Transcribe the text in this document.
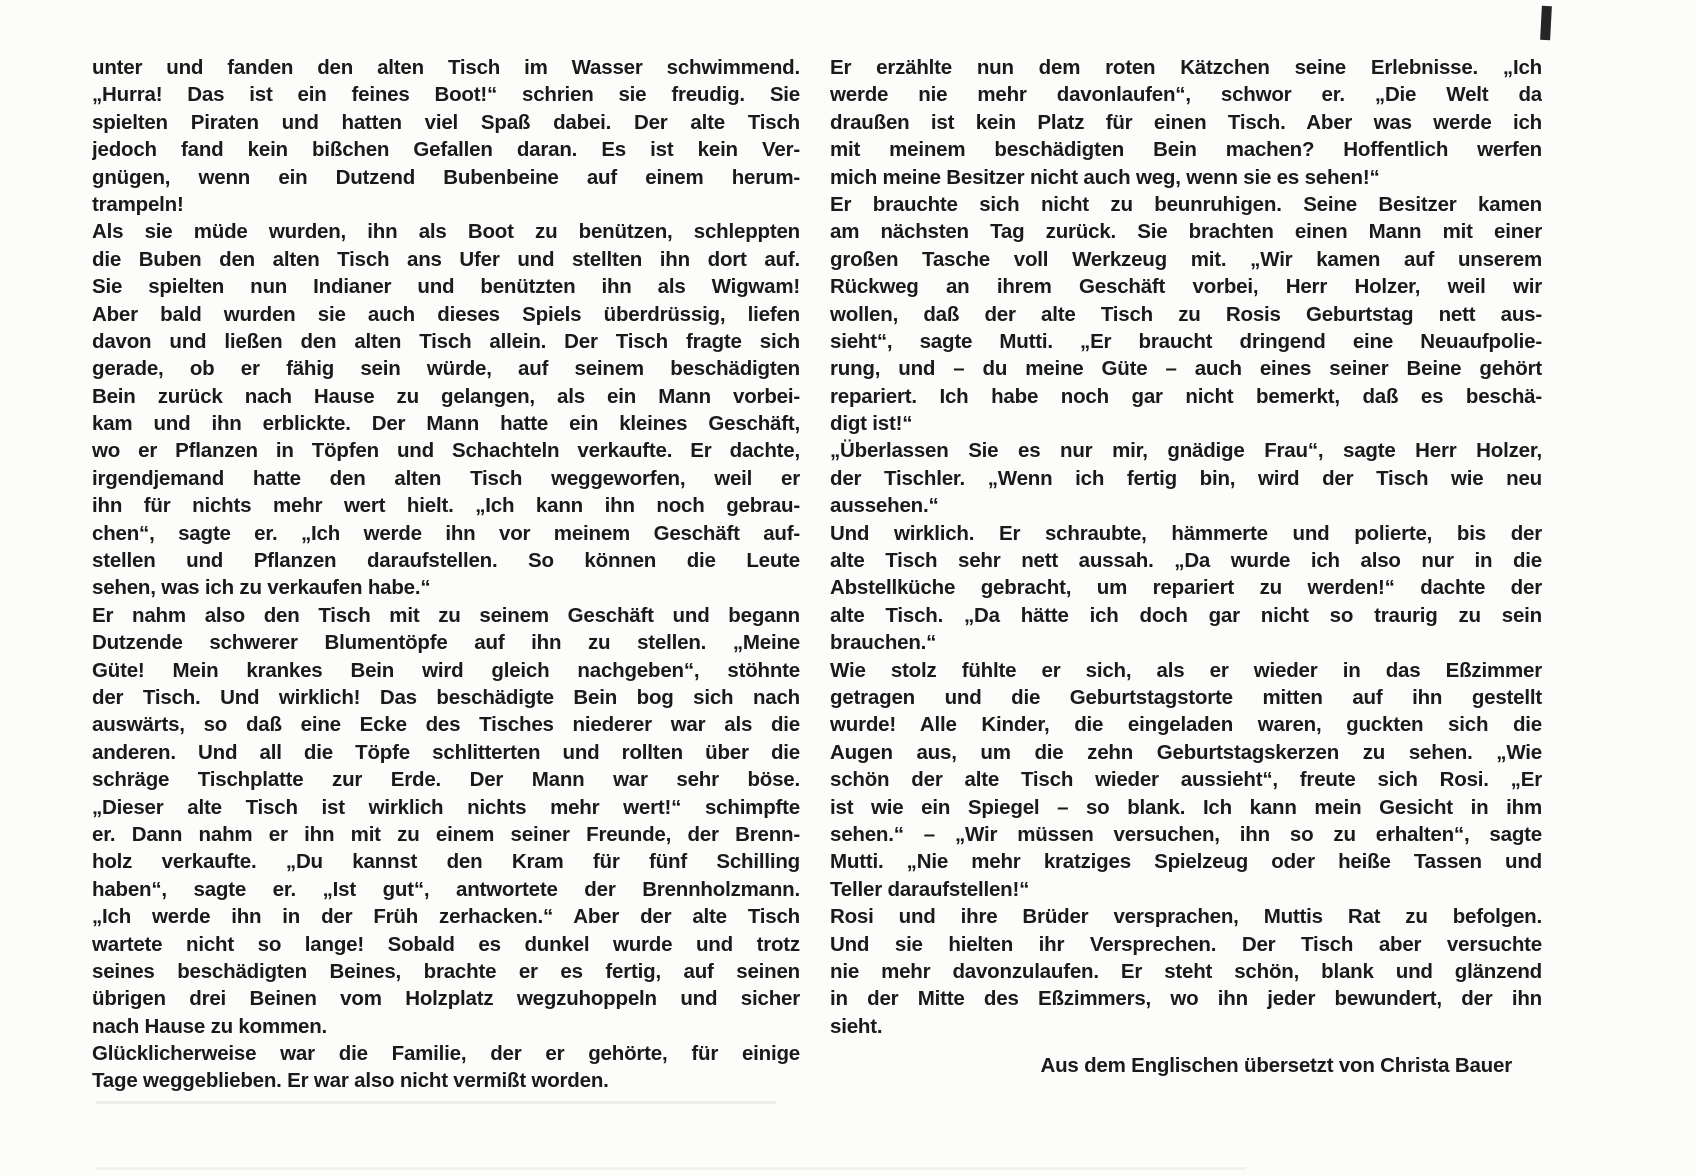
unter und fanden den alten Tisch im Wasser schwimmend.
„Hurra! Das ist ein feines Boot!“ schrien sie freudig. Sie
spielten Piraten und hatten viel Spaß dabei. Der alte Tisch
jedoch fand kein bißchen Gefallen daran. Es ist kein Ver-
gnügen, wenn ein Dutzend Bubenbeine auf einem herum-
trampeln!
Als sie müde wurden, ihn als Boot zu benützen, schleppten
die Buben den alten Tisch ans Ufer und stellten ihn dort auf.
Sie spielten nun Indianer und benützten ihn als Wigwam!
Aber bald wurden sie auch dieses Spiels überdrüssig, liefen
davon und ließen den alten Tisch allein. Der Tisch fragte sich
gerade, ob er fähig sein würde, auf seinem beschädigten
Bein zurück nach Hause zu gelangen, als ein Mann vorbei-
kam und ihn erblickte. Der Mann hatte ein kleines Geschäft,
wo er Pflanzen in Töpfen und Schachteln verkaufte. Er dachte,
irgendjemand hatte den alten Tisch weggeworfen, weil er
ihn für nichts mehr wert hielt. „Ich kann ihn noch gebrau-
chen“, sagte er. „Ich werde ihn vor meinem Geschäft auf-
stellen und Pflanzen daraufstellen. So können die Leute
sehen, was ich zu verkaufen habe.“
Er nahm also den Tisch mit zu seinem Geschäft und begann
Dutzende schwerer Blumentöpfe auf ihn zu stellen. „Meine
Güte! Mein krankes Bein wird gleich nachgeben“, stöhnte
der Tisch. Und wirklich! Das beschädigte Bein bog sich nach
auswärts, so daß eine Ecke des Tisches niederer war als die
anderen. Und all die Töpfe schlitterten und rollten über die
schräge Tischplatte zur Erde. Der Mann war sehr böse.
„Dieser alte Tisch ist wirklich nichts mehr wert!“ schimpfte
er. Dann nahm er ihn mit zu einem seiner Freunde, der Brenn-
holz verkaufte. „Du kannst den Kram für fünf Schilling
haben“, sagte er. „Ist gut“, antwortete der Brennholzmann.
„Ich werde ihn in der Früh zerhacken.“ Aber der alte Tisch
wartete nicht so lange! Sobald es dunkel wurde und trotz
seines beschädigten Beines, brachte er es fertig, auf seinen
übrigen drei Beinen vom Holzplatz wegzuhoppeln und sicher
nach Hause zu kommen.
Glücklicherweise war die Familie, der er gehörte, für einige
Tage weggeblieben. Er war also nicht vermißt worden.
Er erzählte nun dem roten Kätzchen seine Erlebnisse. „Ich
werde nie mehr davonlaufen“, schwor er. „Die Welt da
draußen ist kein Platz für einen Tisch. Aber was werde ich
mit meinem beschädigten Bein machen? Hoffentlich werfen
mich meine Besitzer nicht auch weg, wenn sie es sehen!“
Er brauchte sich nicht zu beunruhigen. Seine Besitzer kamen
am nächsten Tag zurück. Sie brachten einen Mann mit einer
großen Tasche voll Werkzeug mit. „Wir kamen auf unserem
Rückweg an ihrem Geschäft vorbei, Herr Holzer, weil wir
wollen, daß der alte Tisch zu Rosis Geburtstag nett aus-
sieht“, sagte Mutti. „Er braucht dringend eine Neuaufpolie-
rung, und – du meine Güte – auch eines seiner Beine gehört
repariert. Ich habe noch gar nicht bemerkt, daß es beschä-
digt ist!“
„Überlassen Sie es nur mir, gnädige Frau“, sagte Herr Holzer,
der Tischler. „Wenn ich fertig bin, wird der Tisch wie neu
aussehen.“
Und wirklich. Er schraubte, hämmerte und polierte, bis der
alte Tisch sehr nett aussah. „Da wurde ich also nur in die
Abstellküche gebracht, um repariert zu werden!“ dachte der
alte Tisch. „Da hätte ich doch gar nicht so traurig zu sein
brauchen.“
Wie stolz fühlte er sich, als er wieder in das Eßzimmer
getragen und die Geburtstagstorte mitten auf ihn gestellt
wurde! Alle Kinder, die eingeladen waren, guckten sich die
Augen aus, um die zehn Geburtstagskerzen zu sehen. „Wie
schön der alte Tisch wieder aussieht“, freute sich Rosi. „Er
ist wie ein Spiegel – so blank. Ich kann mein Gesicht in ihm
sehen.“ – „Wir müssen versuchen, ihn so zu erhalten“, sagte
Mutti. „Nie mehr kratziges Spielzeug oder heiße Tassen und
Teller daraufstellen!“
Rosi und ihre Brüder versprachen, Muttis Rat zu befolgen.
Und sie hielten ihr Versprechen. Der Tisch aber versuchte
nie mehr davonzulaufen. Er steht schön, blank und glänzend
in der Mitte des Eßzimmers, wo ihn jeder bewundert, der ihn
sieht.
Aus dem Englischen übersetzt von Christa Bauer
